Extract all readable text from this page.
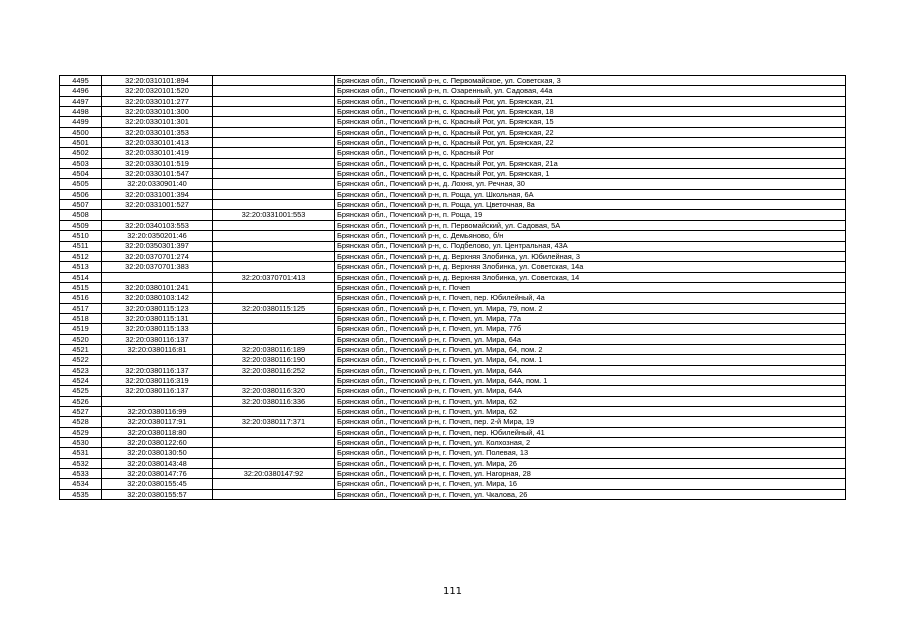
4495	32:20:0310101:894		Брянская обл., Почепский р-н, с. Первомайское, ул. Советская, 3
4496	32:20:0320101:520		Брянская обл., Почепский р-н, п. Озаренный, ул. Садовая, 44а
4497	32:20:0330101:277		Брянская обл., Почепский р-н, с. Красный Рог, ул. Брянская, 21
4498	32:20:0330101:300		Брянская обл., Почепский р-н, с. Красный Рог, ул. Брянская, 18
4499	32:20:0330101:301		Брянская обл., Почепский р-н, с. Красный Рог, ул. Брянская, 15
4500	32:20:0330101:353		Брянская обл., Почепский р-н, с. Красный Рог, ул. Брянская, 22
4501	32:20:0330101:413		Брянская обл., Почепский р-н, с. Красный Рог, ул. Брянская, 22
4502	32:20:0330101:419		Брянская обл., Почепский р-н, с. Красный Рог
4503	32:20:0330101:519		Брянская обл., Почепский р-н, с. Красный Рог, ул. Брянская, 21а
4504	32:20:0330101:547		Брянская обл., Почепский р-н, с. Красный Рог, ул. Брянская, 1
4505	32:20:0330901:40		Брянская обл., Почепский р-н, д. Лохня, ул. Речная, 30
4506	32:20:0331001:394		Брянская обл., Почепский р-н, п. Роща, ул. Школьная, 6А
4507	32:20:0331001:527		Брянская обл., Почепский р-н, п. Роща, ул. Цветочная, 8а
4508		32:20:0331001:553	Брянская обл., Почепский р-н, п. Роща, 19
4509	32:20:0340103:553		Брянская обл., Почепский р-н, п. Первомайский, ул. Садовая, 5А
4510	32:20:0350201:46		Брянская обл., Почепский р-н, с. Демьяново, б/н
4511	32:20:0350301:397		Брянская обл., Почепский р-н, с. Подбелово, ул. Центральная, 43А
4512	32:20:0370701:274		Брянская обл., Почепский р-н, д. Верхняя Злобинка, ул. Юбилейная, 3
4513	32:20:0370701:383		Брянская обл., Почепский р-н, д. Верхняя Злобинка, ул. Советская, 14а
4514		32:20:0370701:413	Брянская обл., Почепский р-н, д. Верхняя Злобинка, ул. Советская, 14
4515	32:20:0380101:241		Брянская обл., Почепский р-н, г. Почеп
4516	32:20:0380103:142		Брянская обл., Почепский р-н, г. Почеп, пер. Юбилейный, 4а
4517	32:20:0380115:123	32:20:0380115:125	Брянская обл., Почепский р-н, г. Почеп, ул. Мира, 79, пом. 2
4518	32:20:0380115:131		Брянская обл., Почепский р-н, г. Почеп, ул. Мира, 77а
4519	32:20:0380115:133		Брянская обл., Почепский р-н, г. Почеп, ул. Мира, 77б
4520	32:20:0380116:137		Брянская обл., Почепский р-н, г. Почеп, ул. Мира, 64а
4521	32:20:0380116:81	32:20:0380116:189	Брянская обл., Почепский р-н, г. Почеп, ул. Мира, 64, пом. 2
4522		32:20:0380116:190	Брянская обл., Почепский р-н, г. Почеп, ул. Мира, 64, пом. 1
4523	32:20:0380116:137	32:20:0380116:252	Брянская обл., Почепский р-н, г. Почеп, ул. Мира, 64А
4524	32:20:0380116:319		Брянская обл., Почепский р-н, г. Почеп, ул. Мира, 64А, пом. 1
4525	32:20:0380116:137	32:20:0380116:320	Брянская обл., Почепский р-н, г. Почеп, ул. Мира, 64А
4526		32:20:0380116:336	Брянская обл., Почепский р-н, г. Почеп, ул. Мира, 62
4527	32:20:0380116:99		Брянская обл., Почепский р-н, г. Почеп, ул. Мира, 62
4528	32:20:0380117:91	32:20:0380117:371	Брянская обл., Почепский р-н, г. Почеп, пер. 2-й Мира, 19
4529	32:20:0380118:80		Брянская обл., Почепский р-н, г. Почеп, пер. Юбилейный, 41
4530	32:20:0380122:60		Брянская обл., Почепский р-н, г. Почеп, ул. Колхозная, 2
4531	32:20:0380130:50		Брянская обл., Почепский р-н, г. Почеп, ул. Полевая, 13
4532	32:20:0380143:48		Брянская обл., Почепский р-н, г. Почеп, ул. Мира, 26
4533	32:20:0380147:76	32:20:0380147:92	Брянская обл., Почепский р-н, г. Почеп, ул. Нагорная, 28
4534	32:20:0380155:45		Брянская обл., Почепский р-н, г. Почеп, ул. Мира, 16
4535	32:20:0380155:57		Брянская обл., Почепский р-н, г. Почеп, ул. Чкалова, 26
111
